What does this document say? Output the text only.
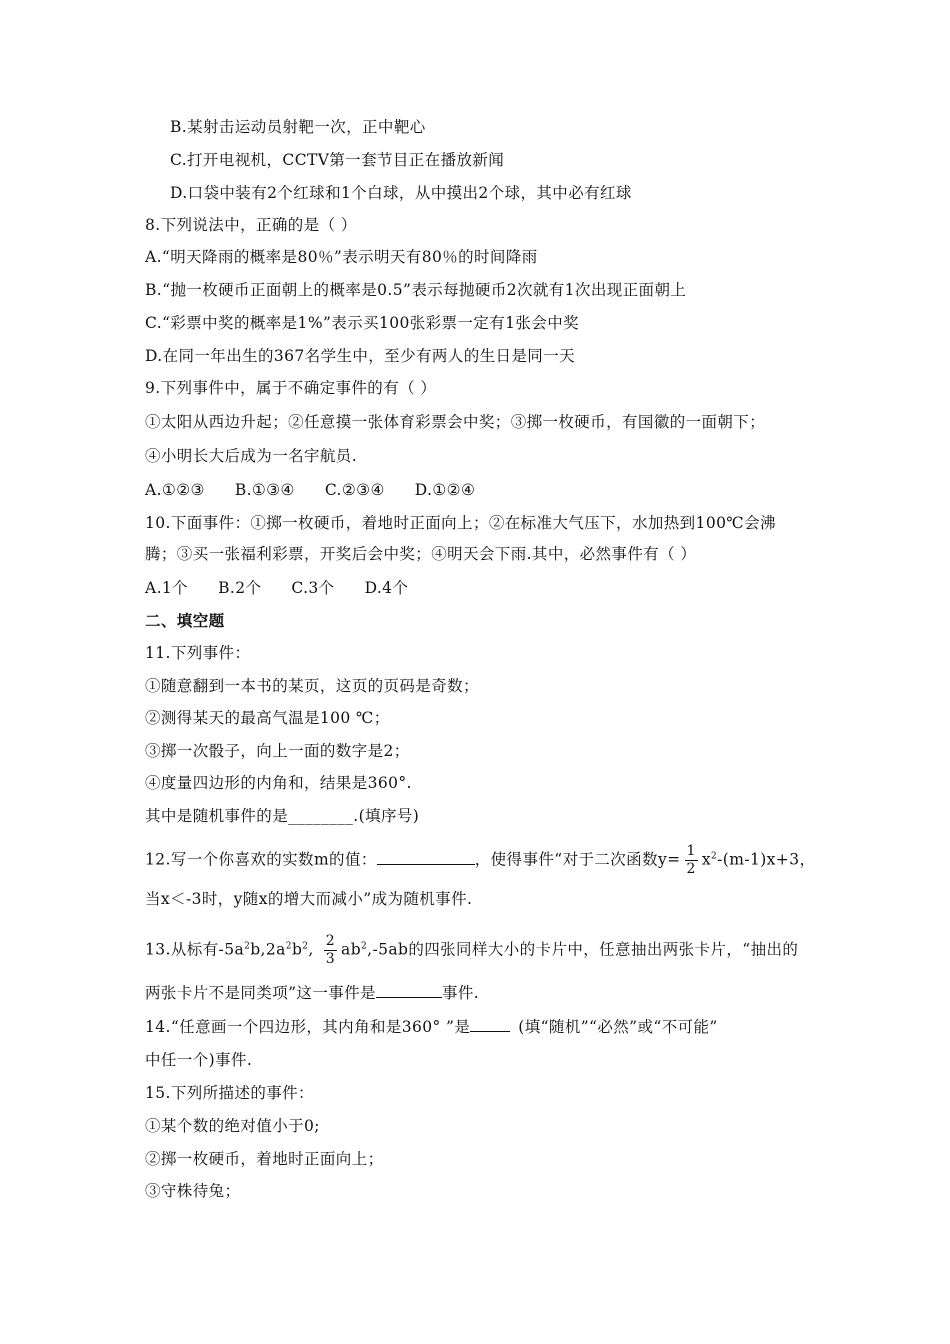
B.某射击运动员射靶一次，正中靶心
C.打开电视机，CCTV第一套节目正在播放新闻
D.口袋中装有2个红球和1个白球，从中摸出2个球，其中必有红球
8.下列说法中，正确的是（ ）
A.“明天降雨的概率是80％”表示明天有80％的时间降雨
B.“抛一枚硬币正面朝上的概率是0.5”表示每抛硬币2次就有1次出现正面朝上
C.“彩票中奖的概率是1%”表示买100张彩票一定有1张会中奖
D.在同一年出生的367名学生中，至少有两人的生日是同一天
9.下列事件中，属于不确定事件的有（ ）
①太阳从西边升起；②任意摸一张体育彩票会中奖；③掷一枚硬币，有国徽的一面朝下；
④小明长大后成为一名宇航员.
A.①②③ B.①③④ C.②③④ D.①②④
10.下面事件：①掷一枚硬币，着地时正面向上；②在标准大气压下，水加热到100℃会沸
腾；③买一张福利彩票，开奖后会中奖；④明天会下雨.其中，必然事件有（ ）
A.1个 B.2个 C.3个 D.4个
二、填空题
11.下列事件：
①随意翻到一本书的某页，这页的页码是奇数；
②测得某天的最高气温是100 ℃；
③掷一次骰子，向上一面的数字是2；
④度量四边形的内角和，结果是360°.
其中是随机事件的是________.(填序号)
12.写一个你喜欢的实数m的值：	，使得事件“对于二次函数$y= \frac{1}{2} x^2-(m-1)x+3$，
当x＜-3时，y随x的增大而减小”成为随机事件.
13.从标有$-5a^2b,2a^2b^2$, $\frac{2}{3} ab^2,-5ab$的四张同样大小的卡片中，任意抽出两张卡片，“抽出的
两张卡片不是同类项”这一事件是	事件.
14.“任意画一个四边形，其内角和是360° ”是	(填“随机”“必然”或“不可能”
中任一个)事件.
15.下列所描述的事件：
①某个数的绝对值小于0;
②掷一枚硬币，着地时正面向上；
③守株待兔；
